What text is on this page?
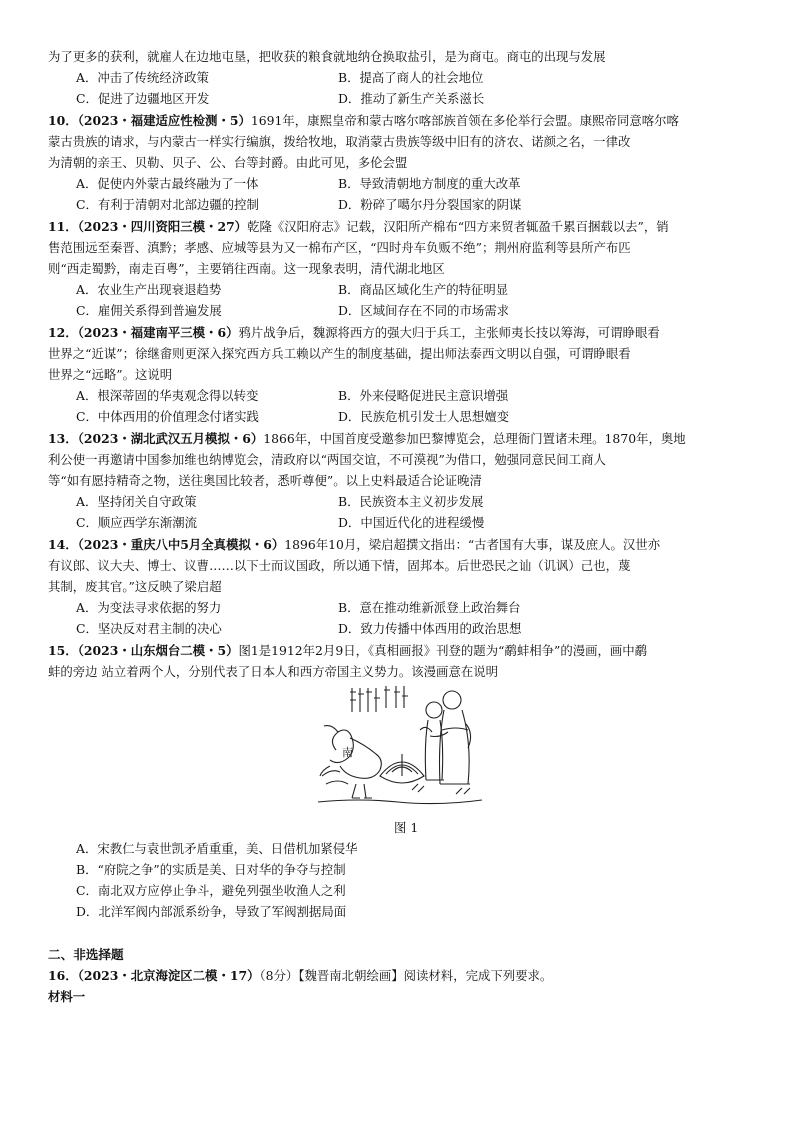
为了更多的获利，就雇人在边地屯垦，把收获的粮食就地纳仓换取盐引，是为商屯。商屯的出现与发展
A．冲击了传统经济政策	B．提高了商人的社会地位
C．促进了边疆地区开发	D．推动了新生产关系滋长

10．（2023・福建适应性检测・5）1691年，康熙皇帝和蒙古喀尔喀部族首领在多伦举行会盟。康熙帝同意喀尔喀

蒙古贵族的请求，与内蒙古一样实行编旗，拨给牧地，取消蒙古贵族等级中旧有的济农、诺颜之名，一律改

为清朝的亲王、贝勒、贝子、公、台等封爵。由此可见，多伦会盟

A．促使内外蒙古最终融为了一体	B．导致清朝地方制度的重大改革
C．有利于清朝对北部边疆的控制	D．粉碎了噶尔丹分裂国家的阴谋

11．（2023・四川资阳三模・27）乾隆《汉阳府志》记载，汉阳所产棉布“四方来贸者辄盈千累百捆载以去”，销

售范围远至秦晋、滇黔；孝感、应城等县为又一棉布产区，“四时舟车负贩不绝”；荆州府监利等县所产布匹

则“西走蜀黔，南走百粤”，主要销往西南。这一现象表明，清代湖北地区

A．农业生产出现衰退趋势	B．商品区域化生产的特征明显
C．雇佣关系得到普遍发展	D．区域间存在不同的市场需求

12．（2023・福建南平三模・6）鸦片战争后，魏源将西方的强大归于兵工，主张师夷长技以筹海，可谓睁眼看

世界之“近谋”；徐继畬则更深入探究西方兵工赖以产生的制度基础，提出师法泰西文明以自强，可谓睁眼看

世界之“远略”。这说明

A．根深蒂固的华夷观念得以转变	B．外来侵略促进民主意识增强
C．中体西用的价值理念付诸实践	D．民族危机引发士人思想嬗变

13．（2023・湖北武汉五月模拟・6）1866年，中国首度受邀参加巴黎博览会，总理衙门置诸未理。1870年，奥地

利公使一再邀请中国参加维也纳博览会，清政府以“两国交谊，不可漠视”为借口，勉强同意民间工商人

等“如有愿持精奇之物，送往奥国比较者，悉听尊便”。以上史料最适合论证晚清

A．坚持闭关自守政策	B．民族资本主义初步发展
C．顺应西学东渐潮流	D．中国近代化的进程缓慢

14．（2023・重庆八中5月全真模拟・6）1896年10月，梁启超撰文指出：“古者国有大事，谋及庶人。汉世亦

有议郎、议大夫、博士、议曹……以下士而议国政，所以通下情，固邦本。后世恐民之讪（讥讽）己也，蔑

其制，废其官。”这反映了梁启超

A．为变法寻求依据的努力	B．意在推动维新派登上政治舞台
C．坚决反对君主制的决心	D．致力传播中体西用的政治思想

15．（2023・山东烟台二模・5）图1是1912年2月9日，《真相画报》刊登的题为“鹬蚌相争”的漫画，画中鹬

蚌的旁边 站立着两个人，分别代表了日本人和西方帝国主义势力。该漫画意在说明

南
图 1
A．宋教仁与袁世凯矛盾重重，美、日借机加紧侵华
B．“府院之争”的实质是美、日对华的争夺与控制
C．南北双方应停止争斗，避免列强坐收渔人之利
D．北洋军阀内部派系纷争，导致了军阀割据局面
二、非选择题

16．（2023・北京海淀区二模・17）（8分）【魏晋南北朝绘画】阅读材料，完成下列要求。

材料一
